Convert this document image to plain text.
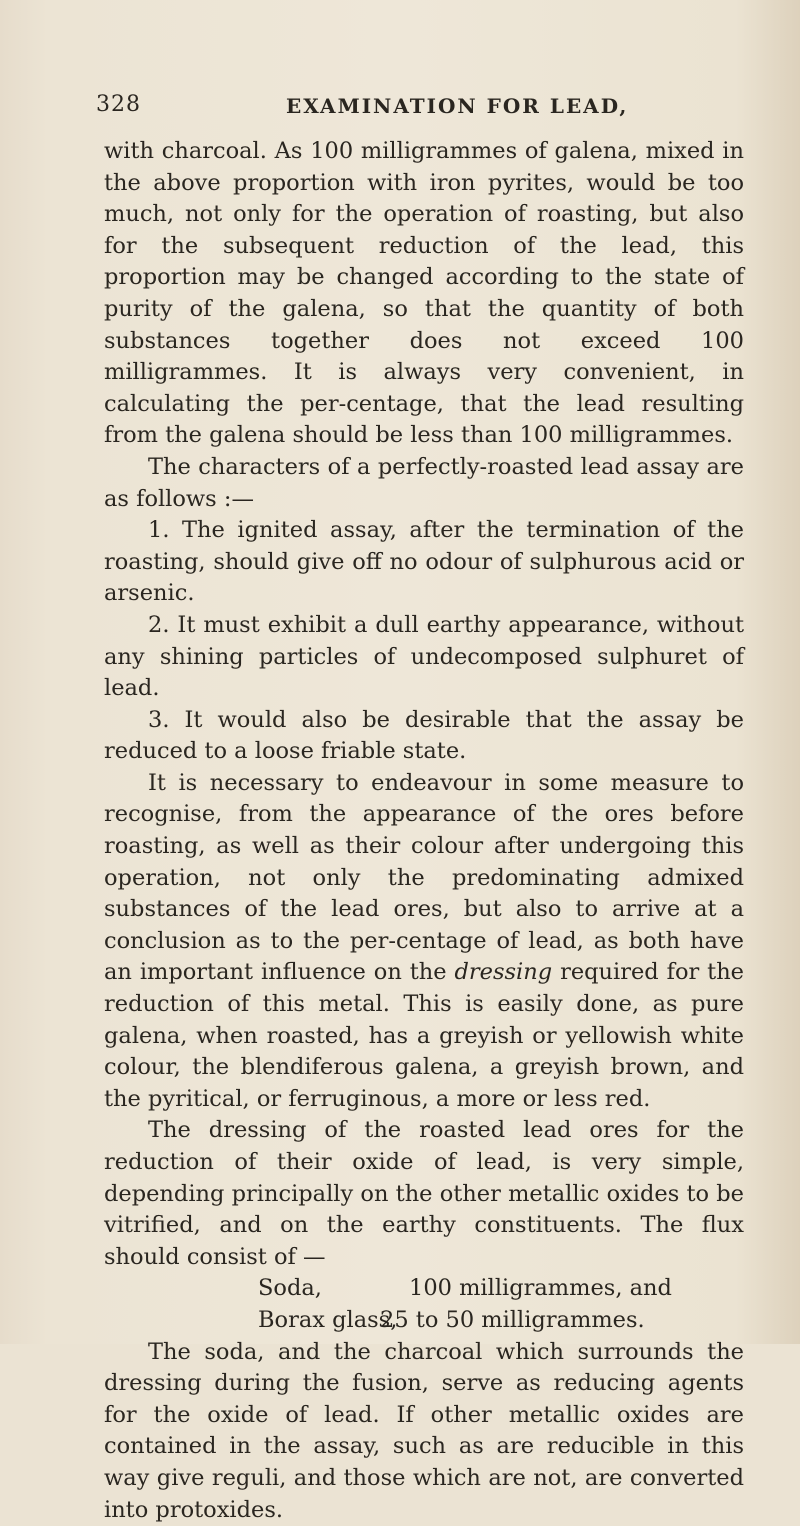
328	EXAMINATION FOR LEAD,

with charcoal. As 100 milligrammes of galena, mixed in the above proportion with iron pyrites, would be too much, not only for the operation of roasting, but also for the subsequent reduction of the lead, this proportion may be changed according to the state of purity of the galena, so that the quantity of both substances together does not exceed 100 milligrammes. It is always very convenient, in calculating the per-centage, that the lead resulting from the galena should be less than 100 milligrammes.

The characters of a perfectly-roasted lead assay are as follows :—

1. The ignited assay, after the termination of the roasting, should give off no odour of sulphurous acid or arsenic.

2. It must exhibit a dull earthy appearance, without any shining particles of undecomposed sulphuret of lead.

3. It would also be desirable that the assay be reduced to a loose friable state.

It is necessary to endeavour in some measure to recognise, from the appearance of the ores before roasting, as well as their colour after undergoing this operation, not only the predominating admixed substances of the lead ores, but also to arrive at a conclusion as to the per-centage of lead, as both have an important influence on the dressing required for the reduction of this metal. This is easily done, as pure galena, when roasted, has a greyish or yellowish white colour, the blendiferous galena, a greyish brown, and the pyritical, or ferruginous, a more or less red.

The dressing of the roasted lead ores for the reduction of their oxide of lead, is very simple, depending principally on the other metallic oxides to be vitrified, and on the earthy constituents. The flux should consist of —

Soda,	100 milligrammes, and
Borax glass,
25 to 50 milligrammes.

The soda, and the charcoal which surrounds the dressing during the fusion, serve as reducing agents for the oxide of lead. If other metallic oxides are contained in the assay, such as are reducible in this way give reguli, and those which are not, are converted into protoxides.
